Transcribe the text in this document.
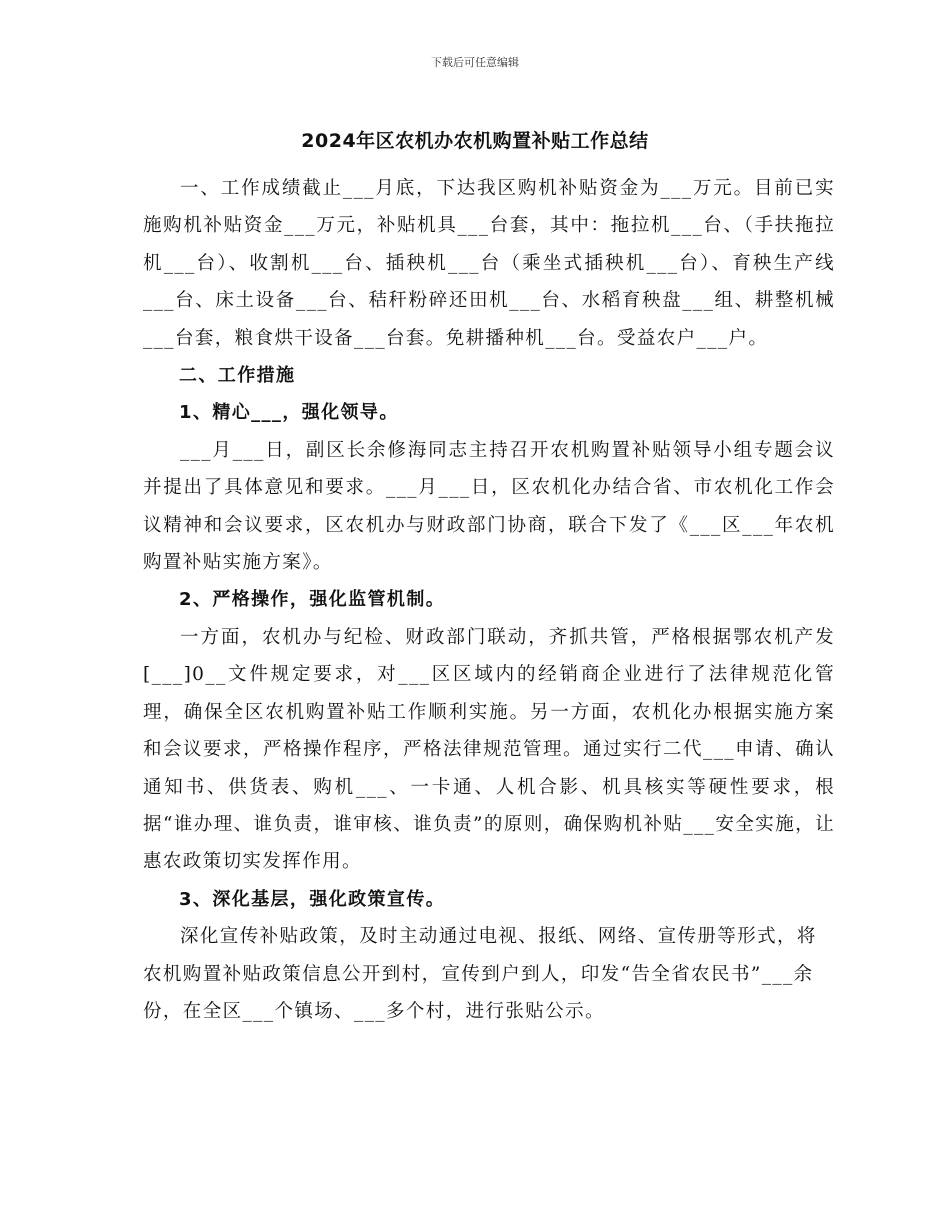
下载后可任意编辑
2024年区农机办农机购置补贴工作总结

一、工作成绩截止___月底，下达我区购机补贴资金为___万元。目前已实施购机补贴资金___万元，补贴机具___台套，其中：拖拉机___台、（手扶拖拉机___台）、收割机___台、插秧机___台（乘坐式插秧机___台）、育秧生产线___台、床土设备___台、秸秆粉碎还田机___台、水稻育秧盘___组、耕整机械___台套，粮食烘干设备___台套。免耕播种机___台。受益农户___户。

二、工作措施

1、精心___，强化领导。

___月___日，副区长余修海同志主持召开农机购置补贴领导小组专题会议并提出了具体意见和要求。___月___日，区农机化办结合省、市农机化工作会议精神和会议要求，区农机办与财政部门协商，联合下发了《___区___年农机购置补贴实施方案》。

2、严格操作，强化监管机制。

一方面，农机办与纪检、财政部门联动，齐抓共管，严格根据鄂农机产发[___]0__文件规定要求，对___区区域内的经销商企业进行了法律规范化管理，确保全区农机购置补贴工作顺利实施。另一方面，农机化办根据实施方案和会议要求，严格操作程序，严格法律规范管理。通过实行二代___申请、确认通知书、供货表、购机___、一卡通、人机合影、机具核实等硬性要求，根据“谁办理、谁负责，谁审核、谁负责”的原则，确保购机补贴___安全实施，让惠农政策切实发挥作用。

3、深化基层，强化政策宣传。

深化宣传补贴政策，及时主动通过电视、报纸、网络、宣传册等形式，将农机购置补贴政策信息公开到村，宣传到户到人，印发“告全省农民书”___余份，在全区___个镇场、___多个村，进行张贴公示。
